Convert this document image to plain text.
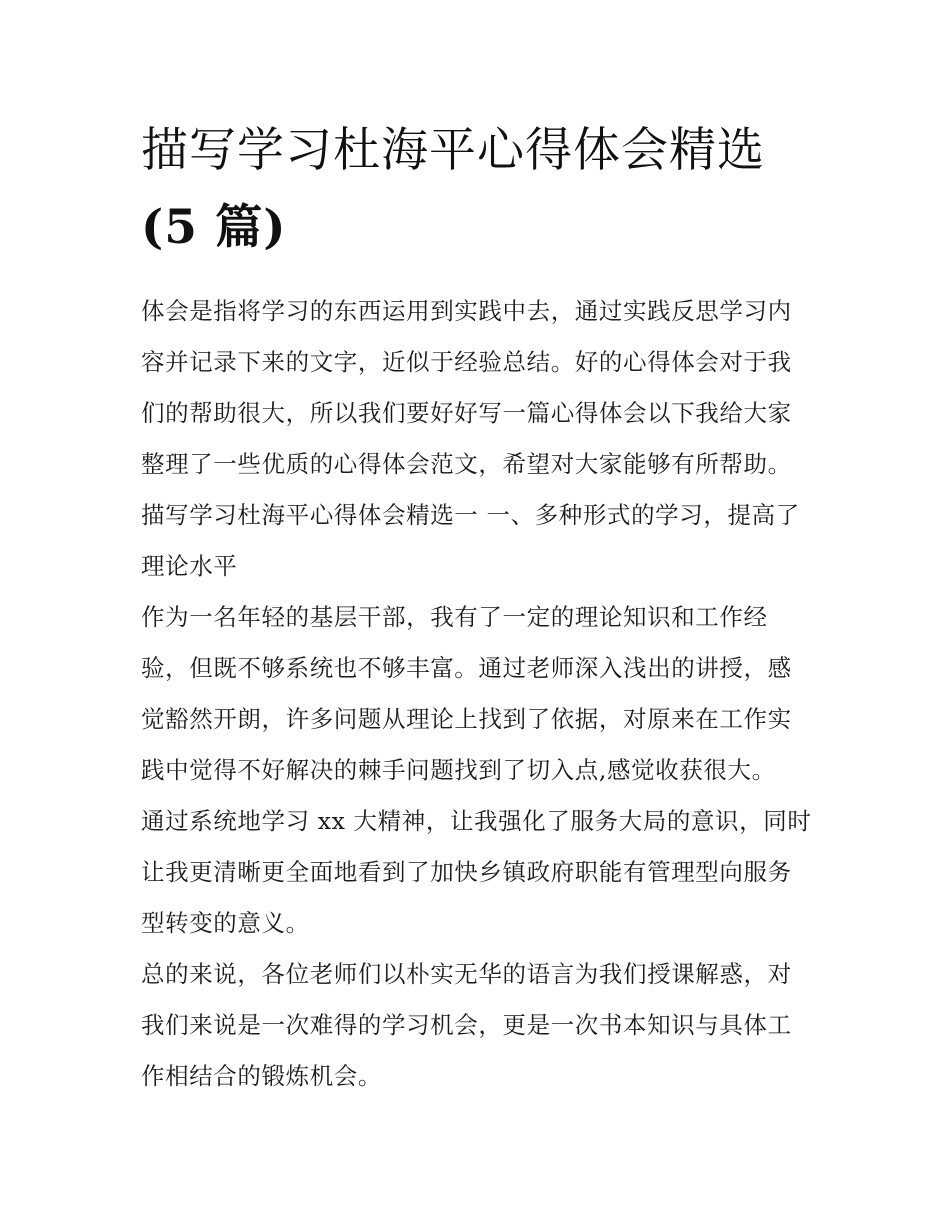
描写学习杜海平心得体会精选
(5 篇)

体会是指将学习的东西运用到实践中去，通过实践反思学习内容并记录下来的文字，近似于经验总结。好的心得体会对于我们的帮助很大，所以我们要好好写一篇心得体会以下我给大家整理了一些优质的心得体会范文，希望对大家能够有所帮助。

描写学习杜海平心得体会精选一 一、多种形式的学习，提高了理论水平

作为一名年轻的基层干部，我有了一定的理论知识和工作经验，但既不够系统也不够丰富。通过老师深入浅出的讲授，感觉豁然开朗，许多问题从理论上找到了依据，对原来在工作实践中觉得不好解决的棘手问题找到了切入点,感觉收获很大。

通过系统地学习 xx 大精神，让我强化了服务大局的意识，同时让我更清晰更全面地看到了加快乡镇政府职能有管理型向服务型转变的意义。

总的来说，各位老师们以朴实无华的语言为我们授课解惑，对我们来说是一次难得的学习机会，更是一次书本知识与具体工作相结合的锻炼机会。
